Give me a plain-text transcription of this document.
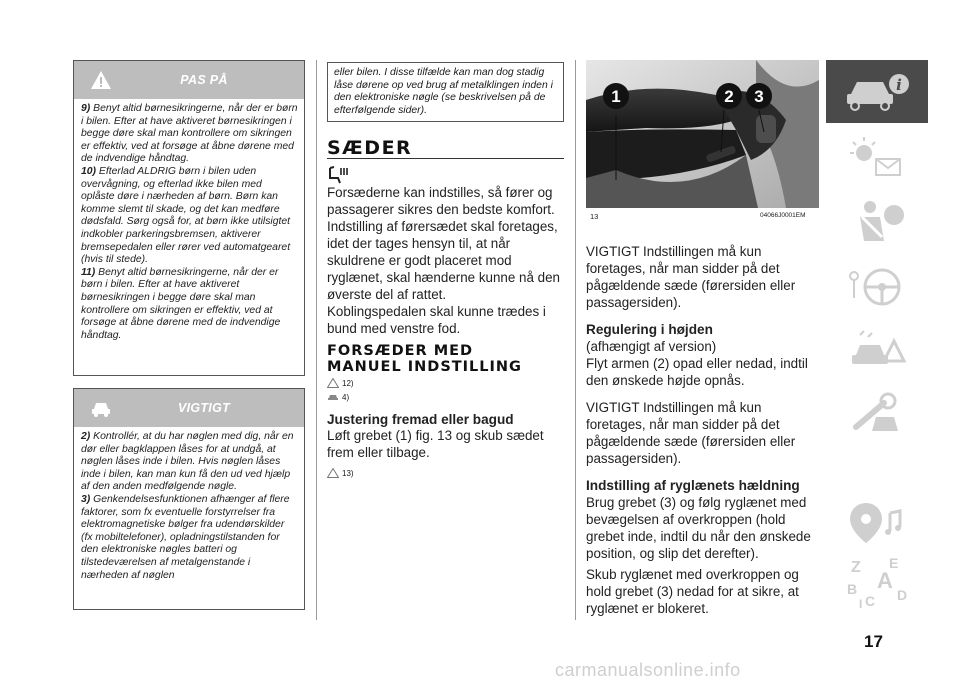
PAS PÅ

9) Benyt altid børnesikringerne, når der er børn i bilen. Efter at have aktiveret børnesikringen i begge døre skal man kontrollere om sikringen er effektiv, ved at forsøge at åbne dørene med de indvendige håndtag.

10) Efterlad ALDRIG børn i bilen uden overvågning, og efterlad ikke bilen med oplåste døre i nærheden af børn. Børn kan komme slemt til skade, og det kan medføre dødsfald. Sørg også for, at børn ikke utilsigtet indkobler parkeringsbremsen, aktiverer bremsepedalen eller rører ved automatgearet (hvis til stede).

11) Benyt altid børnesikringerne, når der er børn i bilen. Efter at have aktiveret børnesikringen i begge døre skal man kontrollere om sikringen er effektiv, ved at forsøge at åbne dørene med de indvendige håndtag.

VIGTIGT

2) Kontrollér, at du har nøglen med dig, når en dør eller bagklappen låses for at undgå, at nøglen låses inde i bilen. Hvis nøglen låses inde i bilen, kan man kun få den ud ved hjælp af den anden medfølgende nøgle.

3) Genkendelsesfunktionen afhænger af flere faktorer, som fx eventuelle forstyrrelser fra elektromagnetiske bølger fra udendørskilder (fx mobiltelefoner), opladningstilstanden for den elektroniske nøgles batteri og tilstedeværelsen af metalgenstande i nærheden af nøglen

eller bilen. I disse tilfælde kan man dog stadig låse dørene op ved brug af metalklingen inden i den elektroniske nøgle (se beskrivelsen på de efterfølgende sider).
SÆDER

Forsæderne kan indstilles, så fører og passagerer sikres den bedste komfort. Indstilling af førersædet skal foretages, idet der tages hensyn til, at når skuldrene er godt placeret mod ryglænet, skal hænderne kunne nå den øverste del af rattet.

Koblingspedalen skal kunne trædes i bund med venstre fod.

FORSÆDER MED
MANUEL INDSTILLING
12)
4)
Justering fremad eller bagud
Løft grebet (1) fig. 13 og skub sædet frem eller tilbage.
13)
1	2 3
13	04066J0001EM

VIGTIGT Indstillingen må kun foretages, når man sidder på det pågældende sæde (førersiden eller passagersiden).

Regulering i højden

(afhængigt af version)

Flyt armen (2) opad eller nedad, indtil den ønskede højde opnås.

VIGTIGT Indstillingen må kun foretages, når man sidder på det pågældende sæde (førersiden eller passagersiden).

Indstilling af ryglænets hældning

Brug grebet (3) og følg ryglænet med bevægelsen af overkroppen (hold grebet inde, indtil du når den ønskede position, og slip det derefter).

Skub ryglænet med overkroppen og hold grebet (3) nedad for at sikre, at ryglænet er blokeret.

i
Z E
A
B
C D
I
17
carmanualsonline.info
